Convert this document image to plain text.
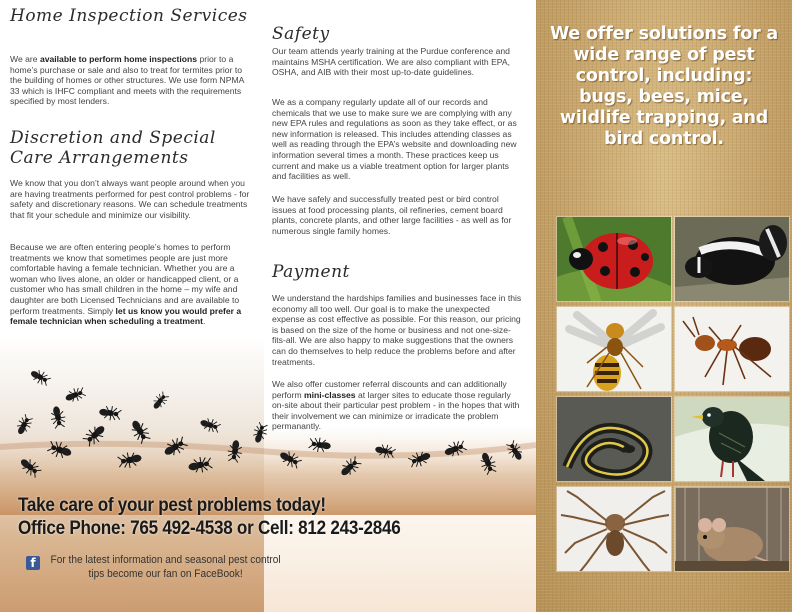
Home Inspection Services

We are available to perform home inspections prior to a home’s purchase or sale and also to treat for termites prior to the building of homes or other structures. We use form NPMA 33 which is IHFC compliant and meets with the requirements specified by most lenders.

Discretion and Special Care Arrangements

We know that you don’t always want people around when you are having treatments performed for pest control problems - for safety and discretionary reasons. We can schedule treatments that fit your schedule and minimize our visibility.

Because we are often entering people’s homes to perform treatments we know that sometimes people are just more comfortable having a female technician. Whether you are a woman who lives alone, an older or handicapped client, or a customer who has small children in the home – my wife and daughter are both Licensed Technicians and are available to perform treatments. Simply let us know you would prefer a female technician when scheduling a treatment.

Safety

Our team attends yearly training at the Purdue conference and maintains MSHA certification. We are also compliant with EPA, OSHA, and AIB with their most up-to-date guidelines.

We as a company regularly update all of our records and chemicals that we use to make sure we are complying with any new EPA rules and regulations as soon as they take effect, or as new information is released. This includes attending classes as well as reading through the EPA’s website and downloading new information several times a month. These practices keep us current and make us a viable treatment option for larger plants and facilities as well.

We have safely and successfully treated pest or bird control issues at food processing plants, oil refineries, cement board plants, concrete plants, and other large facilities - as well as for numerous single family homes.

Payment

We understand the hardships families and businesses face in this economy all too well. Our goal is to make the unexpected expense as cost effective as possible. For this reason, our pricing is based on the size of the home or business and not one-size-fits-all. We are also happy to make suggestions that the owners can do themselves to help reduce the problems before and after treatments.

We also offer customer referral discounts and can additionally perform mini-classes at larger sites to educate those regularly on-site about their particular pest problem - in the hopes that with their involvement we can minimize or irradicate the problem permanantly.

Take care of your pest problems today!
Office Phone: 765 492-4538 or Cell: 812 243-2846
f	For the latest information and seasonal pest control tips become our fan on FaceBook!
We offer solutions for a wide range of pest control, including: bugs, bees, mice, wildlife trapping, and bird control.
